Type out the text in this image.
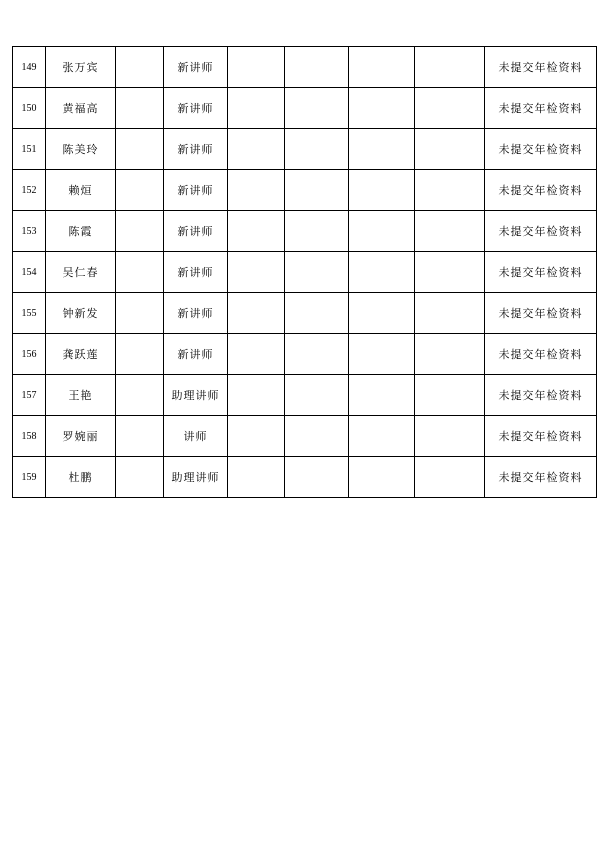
149	张万宾		新讲师					未提交年检资料
150	黄福高		新讲师					未提交年检资料
151	陈美玲		新讲师					未提交年检资料
152	赖烜		新讲师					未提交年检资料
153	陈霞		新讲师					未提交年检资料
154	吴仁春		新讲师					未提交年检资料
155	钟新发		新讲师					未提交年检资料
156	龚跃莲		新讲师					未提交年检资料
157	王艳		助理讲师					未提交年检资料
158	罗婉丽		讲师					未提交年检资料
159	杜鹏		助理讲师					未提交年检资料
